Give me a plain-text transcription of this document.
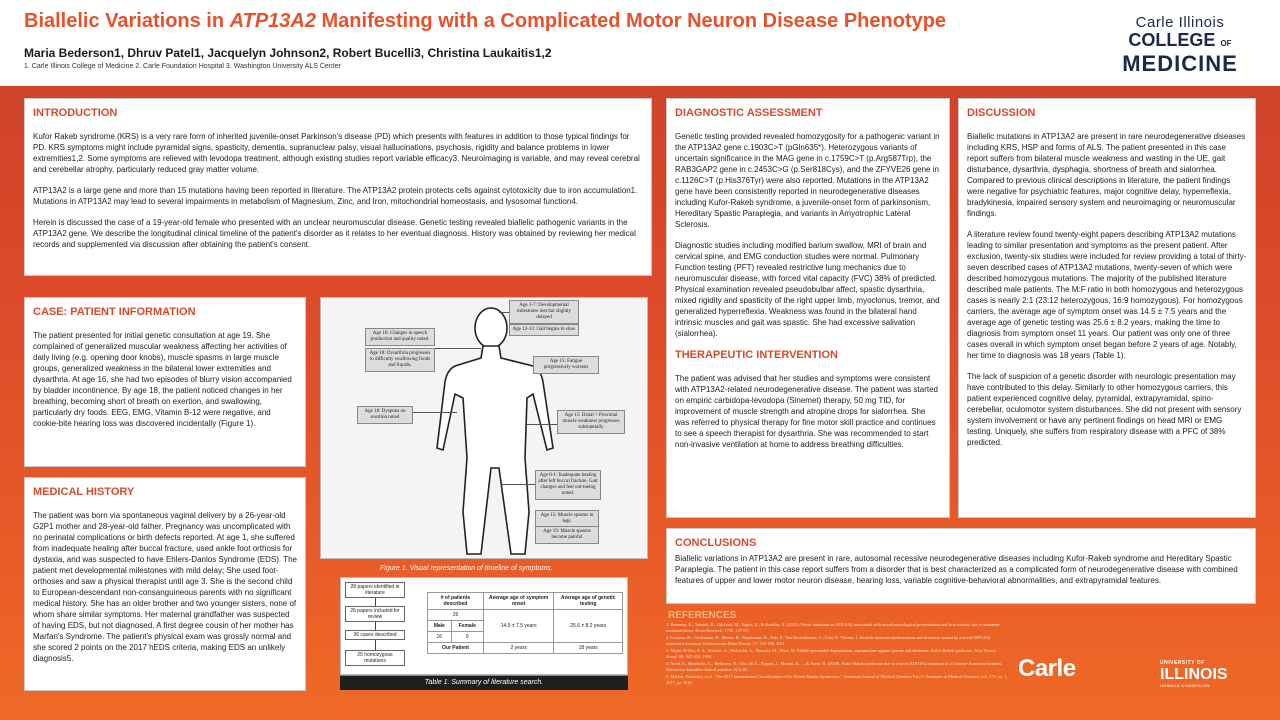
Biallelic Variations in ATP13A2 Manifesting with a Complicated Motor Neuron Disease Phenotype
Maria Bederson1, Dhruv Patel1, Jacquelyn Johnson2, Robert Bucelli3, Christina Laukaitis1,2
1. Carle Illinois College of Medicine 2. Carle Foundation Hospital 3. Washington University ALS Center
Carle Illinois
COLLEGE OF
MEDICINE
INTRODUCTION

Kufor Rakeb syndrome (KRS) is a very rare form of inherited juvenile-onset Parkinson's disease (PD) which presents with features in addition to those typical findings for PD. KRS symptoms might include pyramidal signs, spasticity, dementia, supranuclear palsy, visual hallucinations, psychosis, rigidity and balance problems in lower extremities1,2. Some symptoms are relieved with levodopa treatment, although existing studies report variable efficacy3. Neuroimaging is variable, and may reveal cerebral and cerebellar atrophy, particularly reduced gray matter volume.

ATP13A2 is a large gene and more than 15 mutations having been reported in literature. The ATP13A2 protein protects cells against cytotoxicity due to iron accumulation1. Mutations in ATP13A2 may lead to several impairments in metabolism of Magnesium, Zinc, and Iron, mitochondrial homeostasis, and lysosomal function4.

Herein is discussed the case of a 19-year-old female who presented with an unclear neuromuscular disease. Genetic testing revealed biallelic pathogenic variants in the ATP13A2 gene. We describe the longitudinal clinical timeline of the patient's disorder as it relates to her eventual diagnosis. History was obtained by reviewing her medical records and supplemented via discussion after obtaining the patient's consent.

CASE: PATIENT INFORMATION

The patient presented for initial genetic consultation at age 19. She complained of generalized muscular weakness affecting her activities of daily living (e.g. opening door knobs), muscle spasms in large muscle groups, generalized weakness in the bilateral lower extremities and dysarthria. At age 16, she had two episodes of blurry vision accompanied by bladder incontinence. By age 18, the patient noticed changes in her breathing, becoming short of breath on exertion, and swallowing, particularly dry foods. EEG, EMG, Vitamin B-12 were negative, and cookie-bite hearing loss was discovered incidentally (Figure 1).

MEDICAL HISTORY

The patient was born via spontaneous vaginal delivery by a 26-year-old G2P1 mother and 28-year-old father. Pregnancy was uncomplicated with no perinatal complications or birth defects reported. At age 1, she suffered from inadequate healing after buccal fracture, used ankle foot orthosis for dystaxia, and was suspected to have Ehlers-Danlos Syndrome (EDS). The patient met developmental milestones with mild delay; She used foot-orthoses and saw a physical therapist until age 3. She is the second child to European-descendant non-consanguineous parents with no significant medical history. She has an older brother and two younger sisters, none of whom share similar symptoms. Her maternal grandfather was suspected of having EDS, but not diagnosed. A first degree cousin of her mother has Marfan's Syndrome. The patient's physical exam was grossly normal and she scored 2 points on the 2017 hEDS criteria, making EDS an unlikely diagnosis5.

Age 1-7: Developmental milestones met but slightly delayed
Age 12-13: Gait begins to slow
Age 16: Changes in speech production and quality noted.
Age 18: Dysarthria progresses to difficulty swallowing foods and liquids.
Age 15: Fatigue progressively worsens
Age 18: Dyspnea on exertion noted	Age 15: Distal > Proximal muscle weakness progresses substantially
Age 0-1: Inadequate healing after left buccal fracture. Gait changes and feet out-toeing noted.
Age 15: Muscle spasms in legs.
Age 19: Muscle spasms become painful
Figure 1. Visual representation of timeline of symptoms.
28 papers identified in literature
26 papers included for review
36 cases described
25 homozygous mutations
# of patients described		Average age of symptom onset	Average age of genetic testing
26		14.5 ± 7.5 years	25.6 ± 8.2 years
Male	Female		
16	9		
Our Patient		2 years	18 years
Table 1. Summary of literature search.
DIAGNOSTIC ASSESSMENT

Genetic testing provided revealed homozygosity for a pathogenic variant in the ATP13A2 gene c.1903C>T (pGln635*). Heterozygous variants of uncertain significance in the MAG gene in c.1759C>T (p.Arg587Trp), the RAB3GAP2 gene in c.2453C>G (p.Ser818Cys), and the ZFYVE26 gene in c.1126C>T (p.His376Tyr) were also reported. Mutations in the ATP13A2 gene have been consistently reported in neurodegenerative diseases including Kufor-Rakeb syndrome, a juvenile-onset form of parkinsonism, Hereditary Spastic Paraplegia, and variants in Amyotrophic Lateral Sclerosis.

Diagnostic studies including modified barium swallow, MRI of brain and cervical spine, and EMG conduction studies were normal. Pulmonary Function testing (PFT) revealed restrictive lung mechanics due to neuromuscular disease, with forced vital capacity (FVC) 38% of predicted. Physical examination revealed pseudobulbar affect, spastic dysarthria, mixed rigidity and spasticity of the right upper limb, myoclonus, tremor, and generalized hyperreflexia. Weakness was found in the bilateral hand intrinsic muscles and gait was spastic. She had excessive salivation (sialorrhea).

THERAPEUTIC INTERVENTION

The patient was advised that her studies and symptoms were consistent with ATP13A2-related neurodegenerative disease. The patient was started on empiric carbidopa-levodopa (Sinemet) therapy, 50 mg TID, for improvement of muscle strength and atropine drops for sialorrhea. She was referred to physical therapy for fine motor skill practice and continues to see a speech therapist for dysarthria. She was recommended to start non-invasive ventilation at home to address breathing difficulties.

DISCUSSION

Biallelic mutations in ATP13A2 are present in rare neurodegenerative diseases including KRS, HSP and forms of ALS. The patient presented in this case report suffers from bilateral muscle weakness and wasting in the UE, gait disturbance, dysarthria, dysphagia, shortness of breath and sialorrhea. Compared to previous clinical descriptions in literature, the patient findings were negative for psychiatric features, major cognitive delay, hyperreflexia, bradykinesia, impaired sensory system and neuroimaging or neuromuscular findings.

A literature review found twenty-eight papers describing ATP13A2 mutations leading to similar presentation and symptoms as the present patient. After exclusion, twenty-six studies were included for review providing a total of thirty-seven described cases of ATP13A2 mutations, twenty-seven of which were described homozygous mutations. The majority of the published literature described male patients. The M:F ratio in both homozygous and heterozygous cases is nearly 2:1 (23:12 heterozygous, 16:9 homozygous). For homozygous carriers, the average age of symptom onset was 14.5 ± 7.5 years and the average age of genetic testing was 25.6 ± 8.2 years, making the time to diagnosis from symptom onset 11 years. Our patient was only one of three cases overall in which symptom onset began before 2 years of age. Notably, her time to diagnosis was 18 years (Table 1).

The lack of suspicion of a genetic disorder with neurologic presentation may have contributed to this delay. Similarly to other homozygous carriers, this patient experienced cognitive delay, pyramidal, extrapyramidal, spino-cerebellar, oculomotor system disturbances. She did not present with sensory system involvement or have any pertinent findings on head MRI or EMG testing. Uniquely, she suffers from respiratory disease with a PFC of 38% predicted.

CONCLUSIONS

Biallelic variations in ATP13A2 are present in rare, autosomal recessive neurodegenerative diseases including Kufor-Rakeb syndrome and Hereditary Spastic Paraplegia. The patient in this case report suffers from a disorder that is best characterized as a complicated form of neurodegenerative disease with combined features of upper and lower motor neuron disease, hearing loss, variable cognitive-behavioral abnormalities, and extrapyramidal features.

REFERENCES
1. Kemmey, K., Tomiuk, R., Gilchrist, M., Yapici, Z., & Kurdiay, A. (2021). Novel mutations in ATP13A2 associated with mixed neurological presentations and iron toxicity due to nonsense-mediated decay. Brain Research. 1750, 147167.
2. Crosiers, D., Ceulemans, B., Meeus, B., Nuytemans, K., Pals, P., Van Broeckhoven, C., Cras, P., Theuns, J. Juvenile dystonia-parkinsonism and dementia caused by a novel ATP13A2 frameshift mutation. Parkinsonism Relat Disord. 17: 135-138, 2011.
3. Najim Al-Din, A. S., Wriekat, A., Mubaidin, A., Dasouki, M., Hiari, M. Pallido-pyramidal degeneration, supranuclear upgaze paresis and dementia: Kufor-Rakeb syndrome. Acta Neurol. Scand. 89: 347-352, 1994.
4. Noch, E., Hendricks, C., Hellmers, N., Chu, M. L., Pappas, J., Morant, E., ... & Saeta, H. (2018). Kufor-Rakeb syndrome due to a novel ATP13A2 mutation in 2 Chinese-American brothers. Movement disorders clinical practice, 5(1), 81.
5. Malfait, Fransiska, et al. "The 2017 International Classification of the Ehlers-Danlos Syndromes." American Journal of Medical Genetics Part C: Seminars in Medical Genetics, vol. 175, no. 1, 2017, pp. 8-26.
Carle	UNIVERSITY OF
ILLINOIS
URBANA-CHAMPAIGN
